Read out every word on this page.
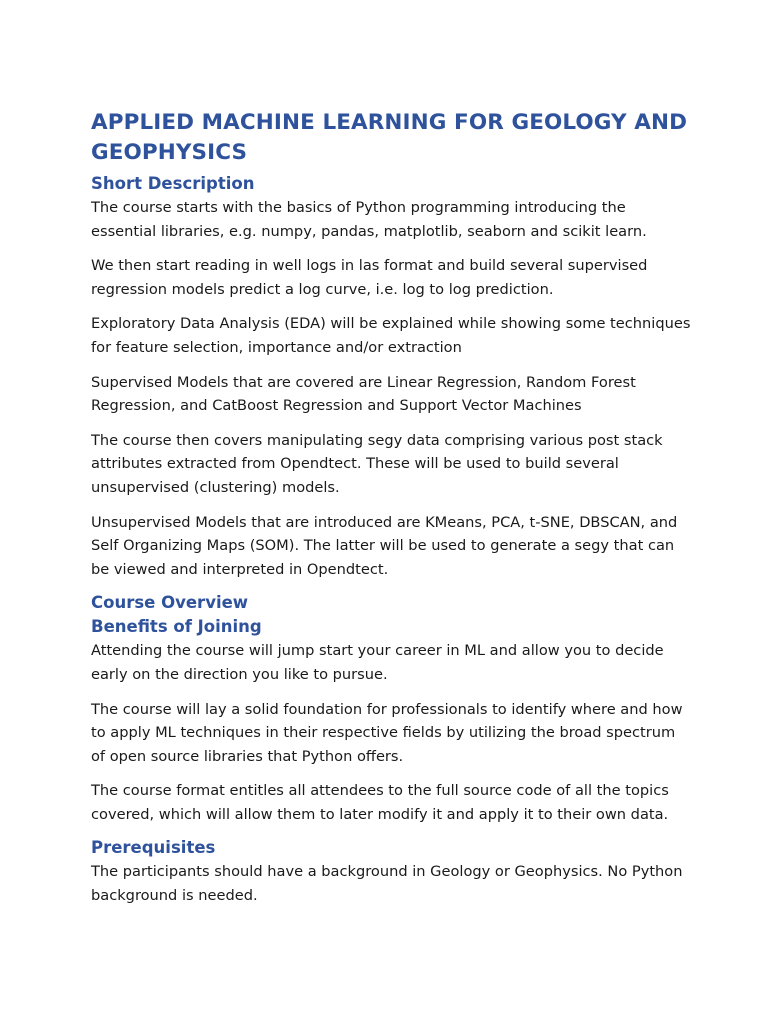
APPLIED MACHINE LEARNING FOR GEOLOGY AND GEOPHYSICS
Short Description

The course starts with the basics of Python programming introducing the essential libraries, e.g. numpy, pandas, matplotlib, seaborn and scikit learn.

We then start reading in well logs in las format and build several supervised regression models predict a log curve, i.e. log to log prediction.

Exploratory Data Analysis (EDA) will be explained while showing some techniques for feature selection, importance and/or extraction

Supervised Models that are covered are Linear Regression, Random Forest Regression, and CatBoost Regression and Support Vector Machines

The course then covers manipulating segy data comprising various post stack attributes extracted from Opendtect. These will be used to build several unsupervised (clustering) models.

Unsupervised Models that are introduced are KMeans, PCA, t-SNE, DBSCAN, and Self Organizing Maps (SOM). The latter will be used to generate a segy that can be viewed and interpreted in Opendtect.

Course Overview
Benefits of Joining

Attending the course will jump start your career in ML and allow you to decide early on the direction you like to pursue.

The course will lay a solid foundation for professionals to identify where and how to apply ML techniques in their respective fields by utilizing the broad spectrum of open source libraries that Python offers.

The course format entitles all attendees to the full source code of all the topics covered, which will allow them to later modify it and apply it to their own data.

Prerequisites

The participants should have a background in Geology or Geophysics. No Python background is needed.
